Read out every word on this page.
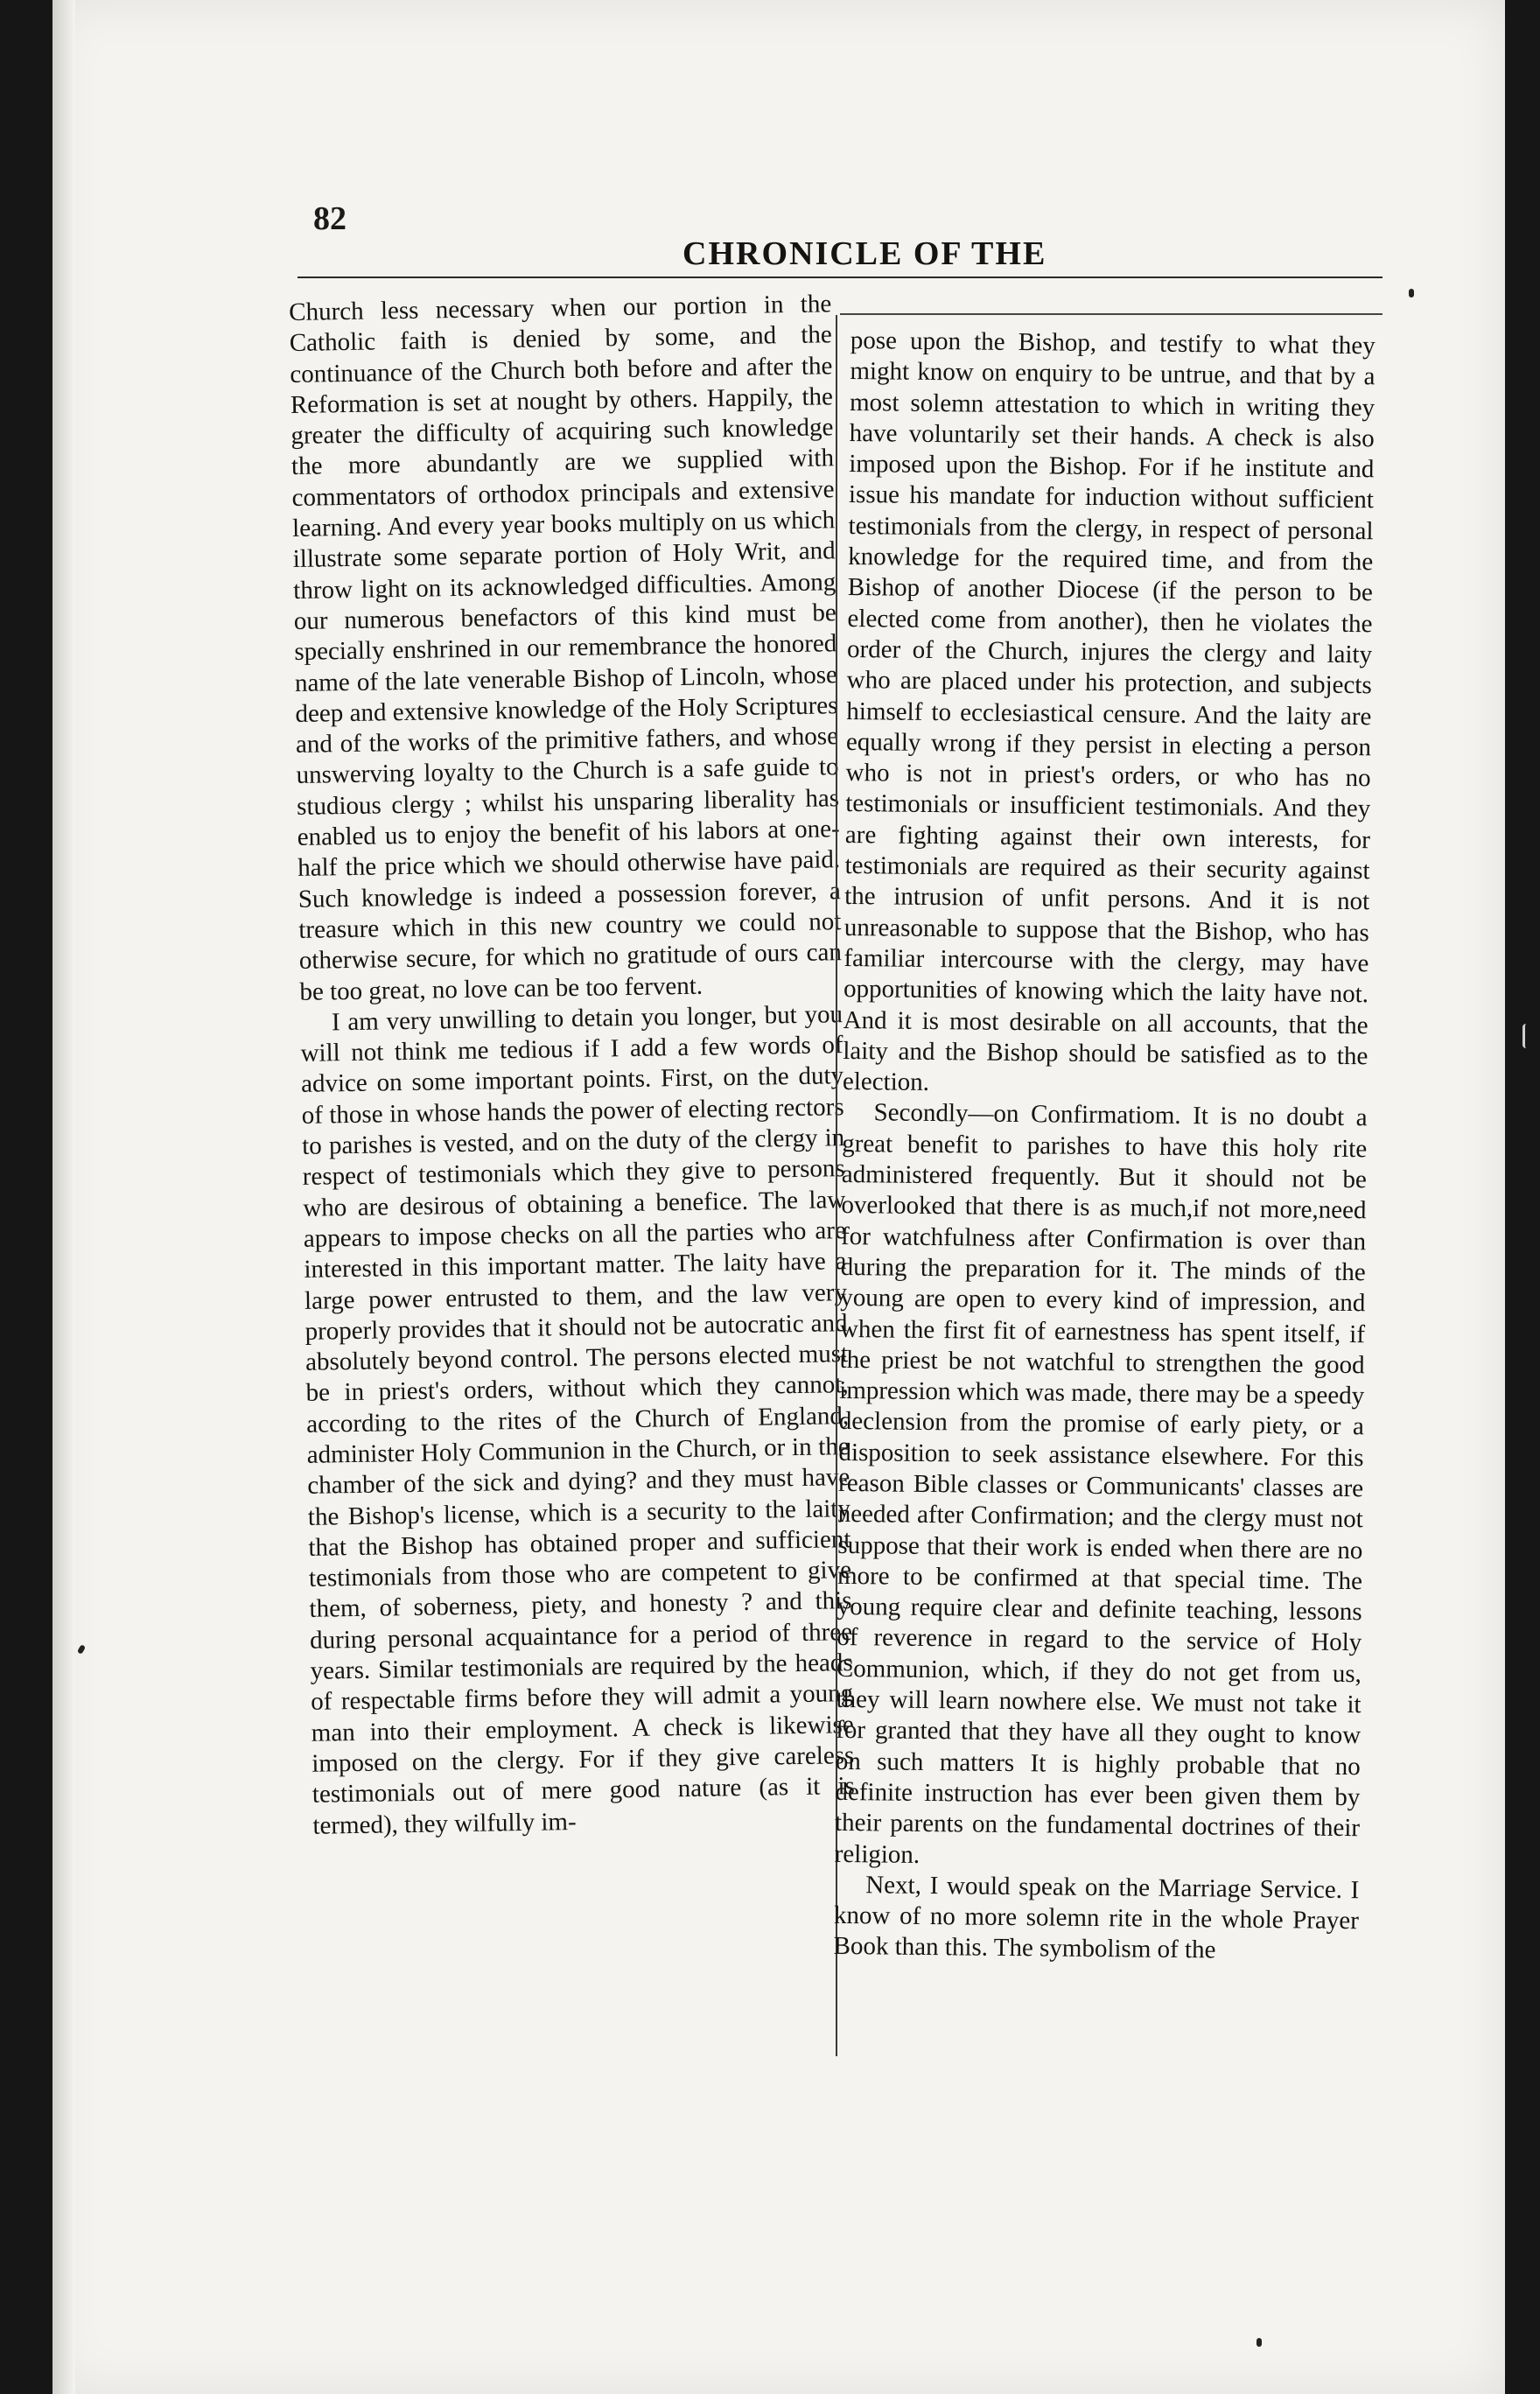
82
CHRONICLE OF THE

Church less necessary when our portion in the Catholic faith is denied by some, and the continuance of the Church both before and after the Reformation is set at nought by others. Happily, the greater the difficulty of acquiring such knowledge the more abundantly are we supplied with commentators of orthodox principals and extensive learning. And every year books multiply on us which illustrate some separate portion of Holy Writ, and throw light on its acknowledged difficulties. Among our numerous benefactors of this kind must be specially enshrined in our remembrance the honored name of the late venerable Bishop of Lincoln, whose deep and extensive knowledge of the Holy Scriptures and of the works of the primitive fathers, and whose unswerving loyalty to the Church is a safe guide to studious clergy ; whilst his unsparing liberality has enabled us to enjoy the benefit of his labors at one-half the price which we should otherwise have paid. Such knowledge is indeed a possession forever, a treasure which in this new country we could not otherwise secure, for which no gratitude of ours can be too great, no love can be too fervent.

I am very unwilling to detain you longer, but you will not think me tedious if I add a few words of advice on some important points. First, on the duty of those in whose hands the power of electing rectors to parishes is vested, and on the duty of the clergy in respect of testimonials which they give to persons who are desirous of obtaining a benefice. The law appears to impose checks on all the parties who are interested in this important matter. The laity have a large power entrusted to them, and the law very properly provides that it should not be autocratic and absolutely beyond control. The persons elected must be in priest's orders, without which they cannot, according to the rites of the Church of England, administer Holy Communion in the Church, or in the chamber of the sick and dying? and they must have the Bishop's license, which is a security to the laity that the Bishop has obtained proper and sufficient testimonials from those who are competent to give them, of soberness, piety, and honesty ? and this during personal acquaintance for a period of three years. Similar testimonials are required by the heads of respectable firms before they will admit a young man into their employment. A check is likewise imposed on the clergy. For if they give careless testimonials out of mere good nature (as it is termed), they wilfully im-

pose upon the Bishop, and testify to what they might know on enquiry to be untrue, and that by a most solemn attestation to which in writing they have voluntarily set their hands. A check is also imposed upon the Bishop. For if he institute and issue his mandate for induction without sufficient testimonials from the clergy, in respect of personal knowledge for the required time, and from the Bishop of another Diocese (if the person to be elected come from another), then he violates the order of the Church, injures the clergy and laity who are placed under his protection, and subjects himself to ecclesiastical censure. And the laity are equally wrong if they persist in electing a person who is not in priest's orders, or who has no testimonials or insufficient testimonials. And they are fighting against their own interests, for testimonials are required as their security against the intrusion of unfit persons. And it is not unreasonable to suppose that the Bishop, who has familiar intercourse with the clergy, may have opportunities of knowing which the laity have not. And it is most desirable on all accounts, that the laity and the Bishop should be satisfied as to the election.

Secondly—on Confirmatiom. It is no doubt a great benefit to parishes to have this holy rite administered frequently. But it should not be overlooked that there is as much,if not more,need for watchfulness after Confirmation is over than during the preparation for it. The minds of the young are open to every kind of impression, and when the first fit of earnestness has spent itself, if the priest be not watchful to strengthen the good impression which was made, there may be a speedy declension from the promise of early piety, or a disposition to seek assistance elsewhere. For this reason Bible classes or Communicants' classes are needed after Confirmation; and the clergy must not suppose that their work is ended when there are no more to be confirmed at that special time. The young require clear and definite teaching, lessons of reverence in regard to the service of Holy Communion, which, if they do not get from us, they will learn nowhere else. We must not take it for granted that they have all they ought to know on such matters It is highly probable that no definite instruction has ever been given them by their parents on the fundamental doctrines of their religion.

Next, I would speak on the Marriage Service. I know of no more solemn rite in the whole Prayer Book than this. The symbolism of the
